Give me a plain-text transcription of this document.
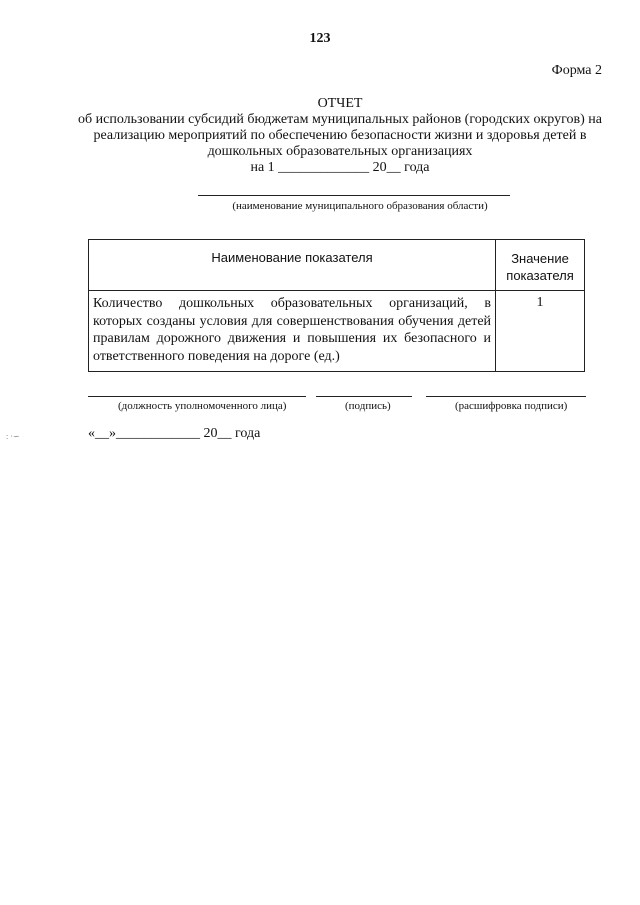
123
Форма 2
ОТЧЕТ
об использовании субсидий бюджетам муниципальных районов (городских округов) на реализацию мероприятий по обеспечению безопасности жизни и здоровья детей в дошкольных образовательных организациях
на 1 _____________ 20__ года
(наименование муниципального образования области)
Наименование показателя	Значение показателя
Количество дошкольных образовательных организаций, в которых созданы условия для совершенствования обучения детей правилам дорожного движения и повышения их безопасного и ответственного поведения на дороге (ед.)	1
(должность уполномоченного лица)	(подпись)	(расшифровка подписи)
«__»____________ 20__ года
: ·∽
